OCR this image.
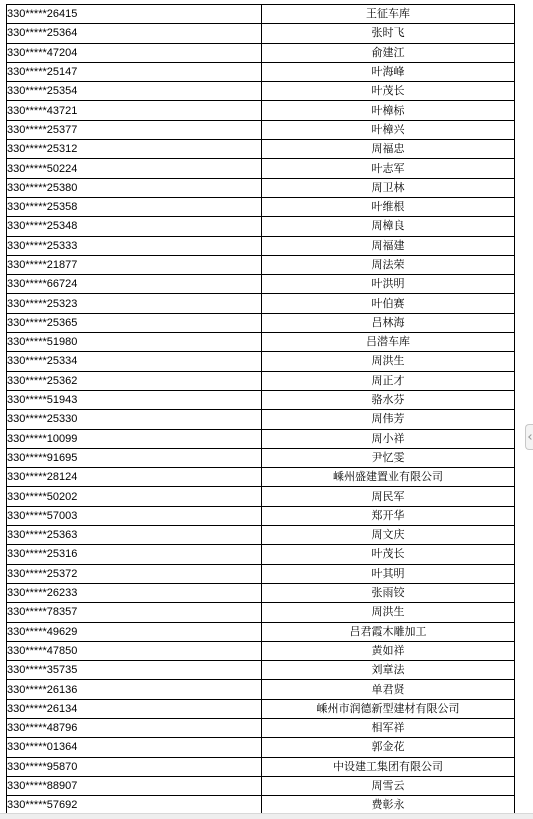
330*****26415	王征车库
330*****25364	张时飞
330*****47204	俞建江
330*****25147	叶海峰
330*****25354	叶茂长
330*****43721	叶樟标
330*****25377	叶樟兴
330*****25312	周福忠
330*****50224	叶志军
330*****25380	周卫林
330*****25358	叶维根
330*****25348	周樟良
330*****25333	周福建
330*****21877	周法荣
330*****66724	叶洪明
330*****25323	叶伯赛
330*****25365	吕林海
330*****51980	吕潜车库
330*****25334	周洪生
330*****25362	周正才
330*****51943	骆水芬
330*****25330	周伟芳
330*****10099	周小祥
330*****91695	尹忆雯
330*****28124	嵊州盛建置业有限公司
330*****50202	周民军
330*****57003	郑开华
330*****25363	周文庆
330*****25316	叶茂长
330*****25372	叶其明
330*****26233	张雨铰
330*****78357	周洪生
330*****49629	吕君霞木雕加工
330*****47850	黄如祥
330*****35735	刘章法
330*****26136	单君贤
330*****26134	嵊州市润德新型建材有限公司
330*****48796	相军祥
330*****01364	郭金花
330*****95870	中设建工集团有限公司
330*****88907	周雪云
330*****57692	费彰永
